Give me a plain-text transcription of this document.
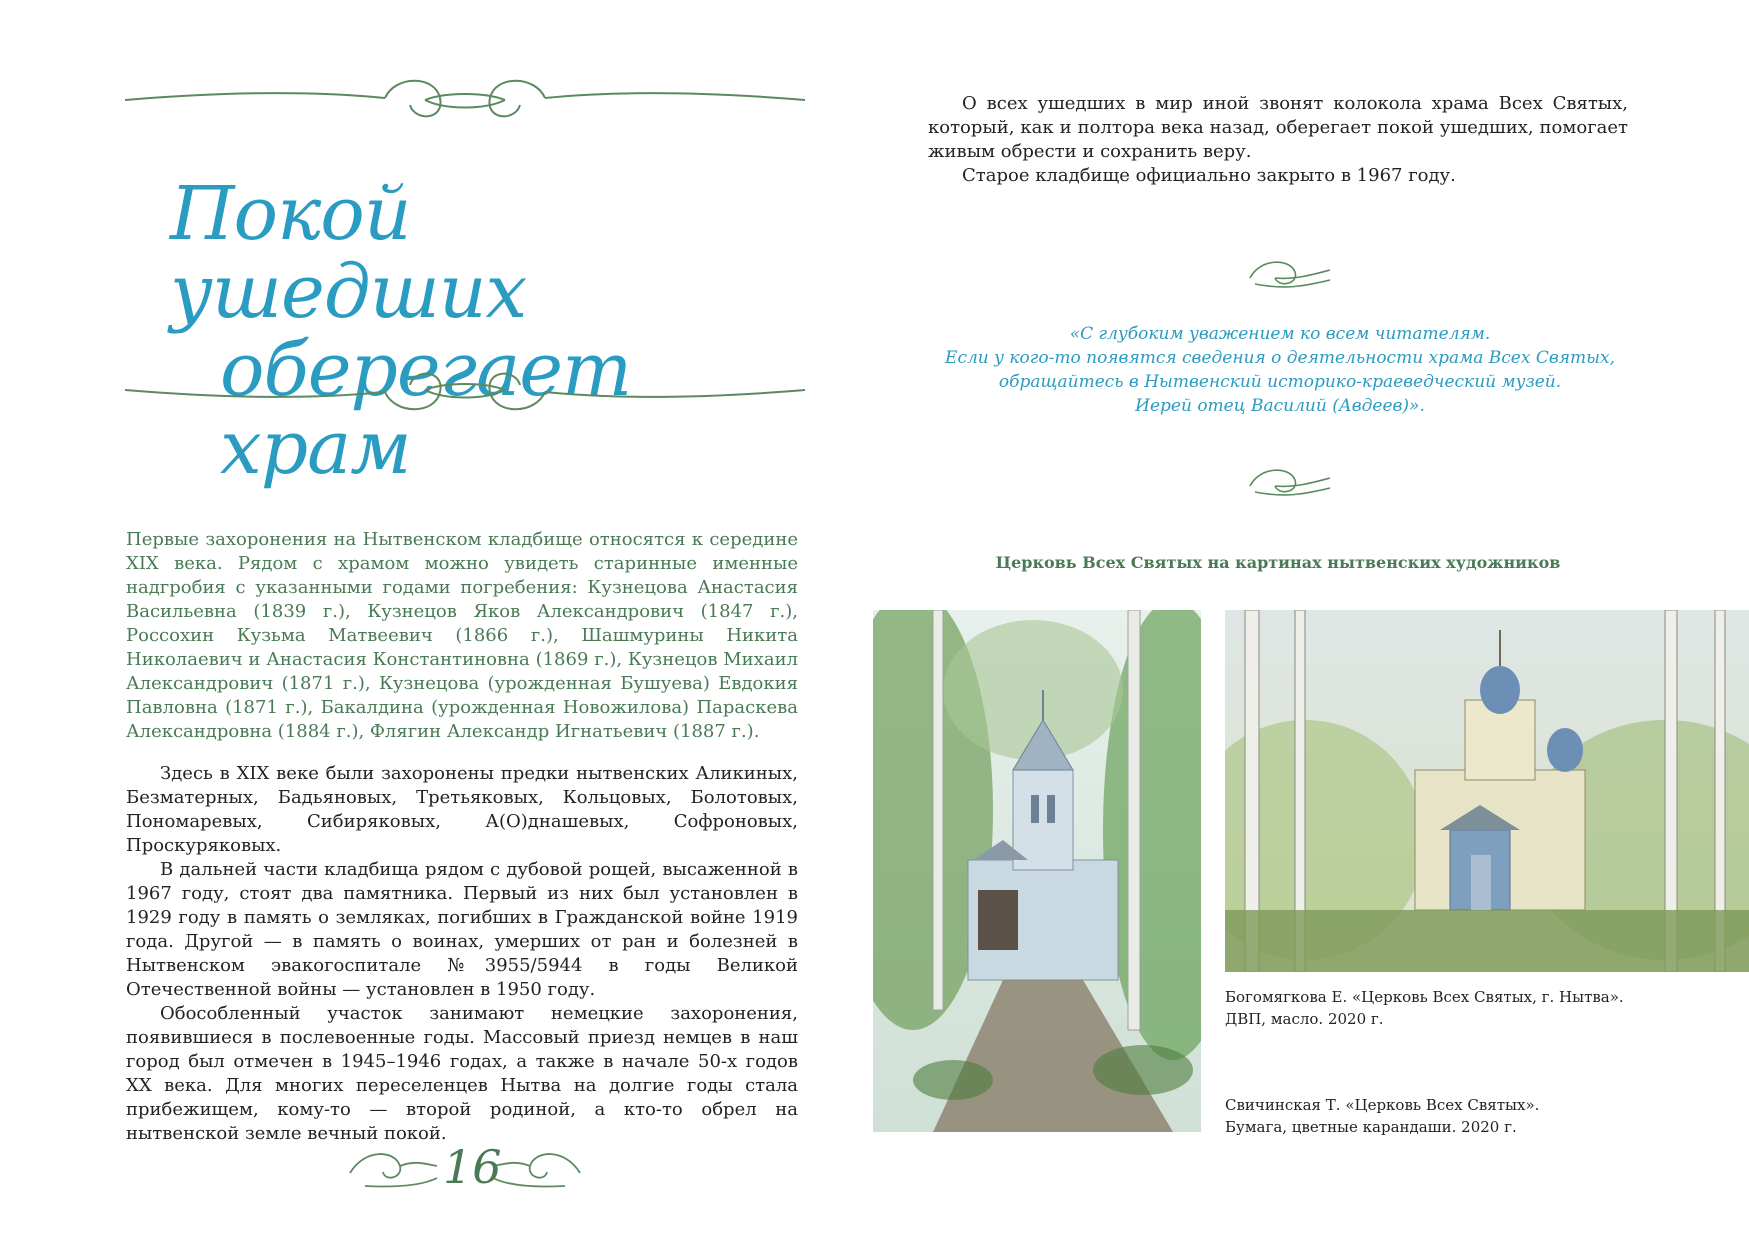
Покой ушедших
оберегает храм

Первые захоронения на Нытвенском кладбище относятся к середине XIX века. Рядом с храмом можно увидеть старинные именные надгробия с указанными годами погребения: Кузнецова Анастасия Васильевна (1839 г.), Кузнецов Яков Александрович (1847 г.), Россохин Кузьма Матвеевич (1866 г.), Шашмурины Никита Николаевич и Анастасия Константиновна (1869 г.), Кузнецов Михаил Александрович (1871 г.), Кузнецова (урожденная Бушуева) Евдокия Павловна (1871 г.), Бакалдина (урожденная Новожилова) Параскева Александровна (1884 г.), Флягин Александр Игнатьевич (1887 г.).

Здесь в XIX веке были захоронены предки нытвенских Аликиных, Безматерных, Бадьяновых, Третьяковых, Кольцовых, Болотовых, Пономаревых, Сибиряковых, А(О)днашевых, Софроновых, Проскуряковых.

В дальней части кладбища рядом с дубовой рощей, высаженной в 1967 году, стоят два памятника. Первый из них был установлен в 1929 году в память о земляках, погибших в Гражданской войне 1919 года. Другой — в память о воинах, умерших от ран и болезней в Нытвенском эвакогоспитале №3955/5944 в годы Великой Отечественной войны — установлен в 1950 году.

Обособленный участок занимают немецкие захоронения, появившиеся в послевоенные годы. Массовый приезд немцев в наш город был отмечен в 1945–1946 годах, а также в начале 50-х годов XX века. Для многих переселенцев Нытва на долгие годы стала прибежищем, кому-то — второй родиной, а кто-то обрел на нытвенской земле вечный покой.

16

О всех ушедших в мир иной звонят колокола храма Всех Святых, который, как и полтора века назад, оберегает покой ушедших, помогает живым обрести и сохранить веру.

Старое кладбище официально закрыто в 1967 году.

«С глубоким уважением ко всем читателям.
Если у кого-то появятся сведения о деятельности храма Всех Святых,
обращайтесь в Нытвенский историко-краеведческий музей.
Иерей отец Василий (Авдеев)».
Церковь Всех Святых на картинах нытвенских художников
Богомягкова Е. «Церковь Всех Святых, г. Нытва».
ДВП, масло. 2020 г.
Свичинская Т. «Церковь Всех Святых».
Бумага, цветные карандаши. 2020 г.
